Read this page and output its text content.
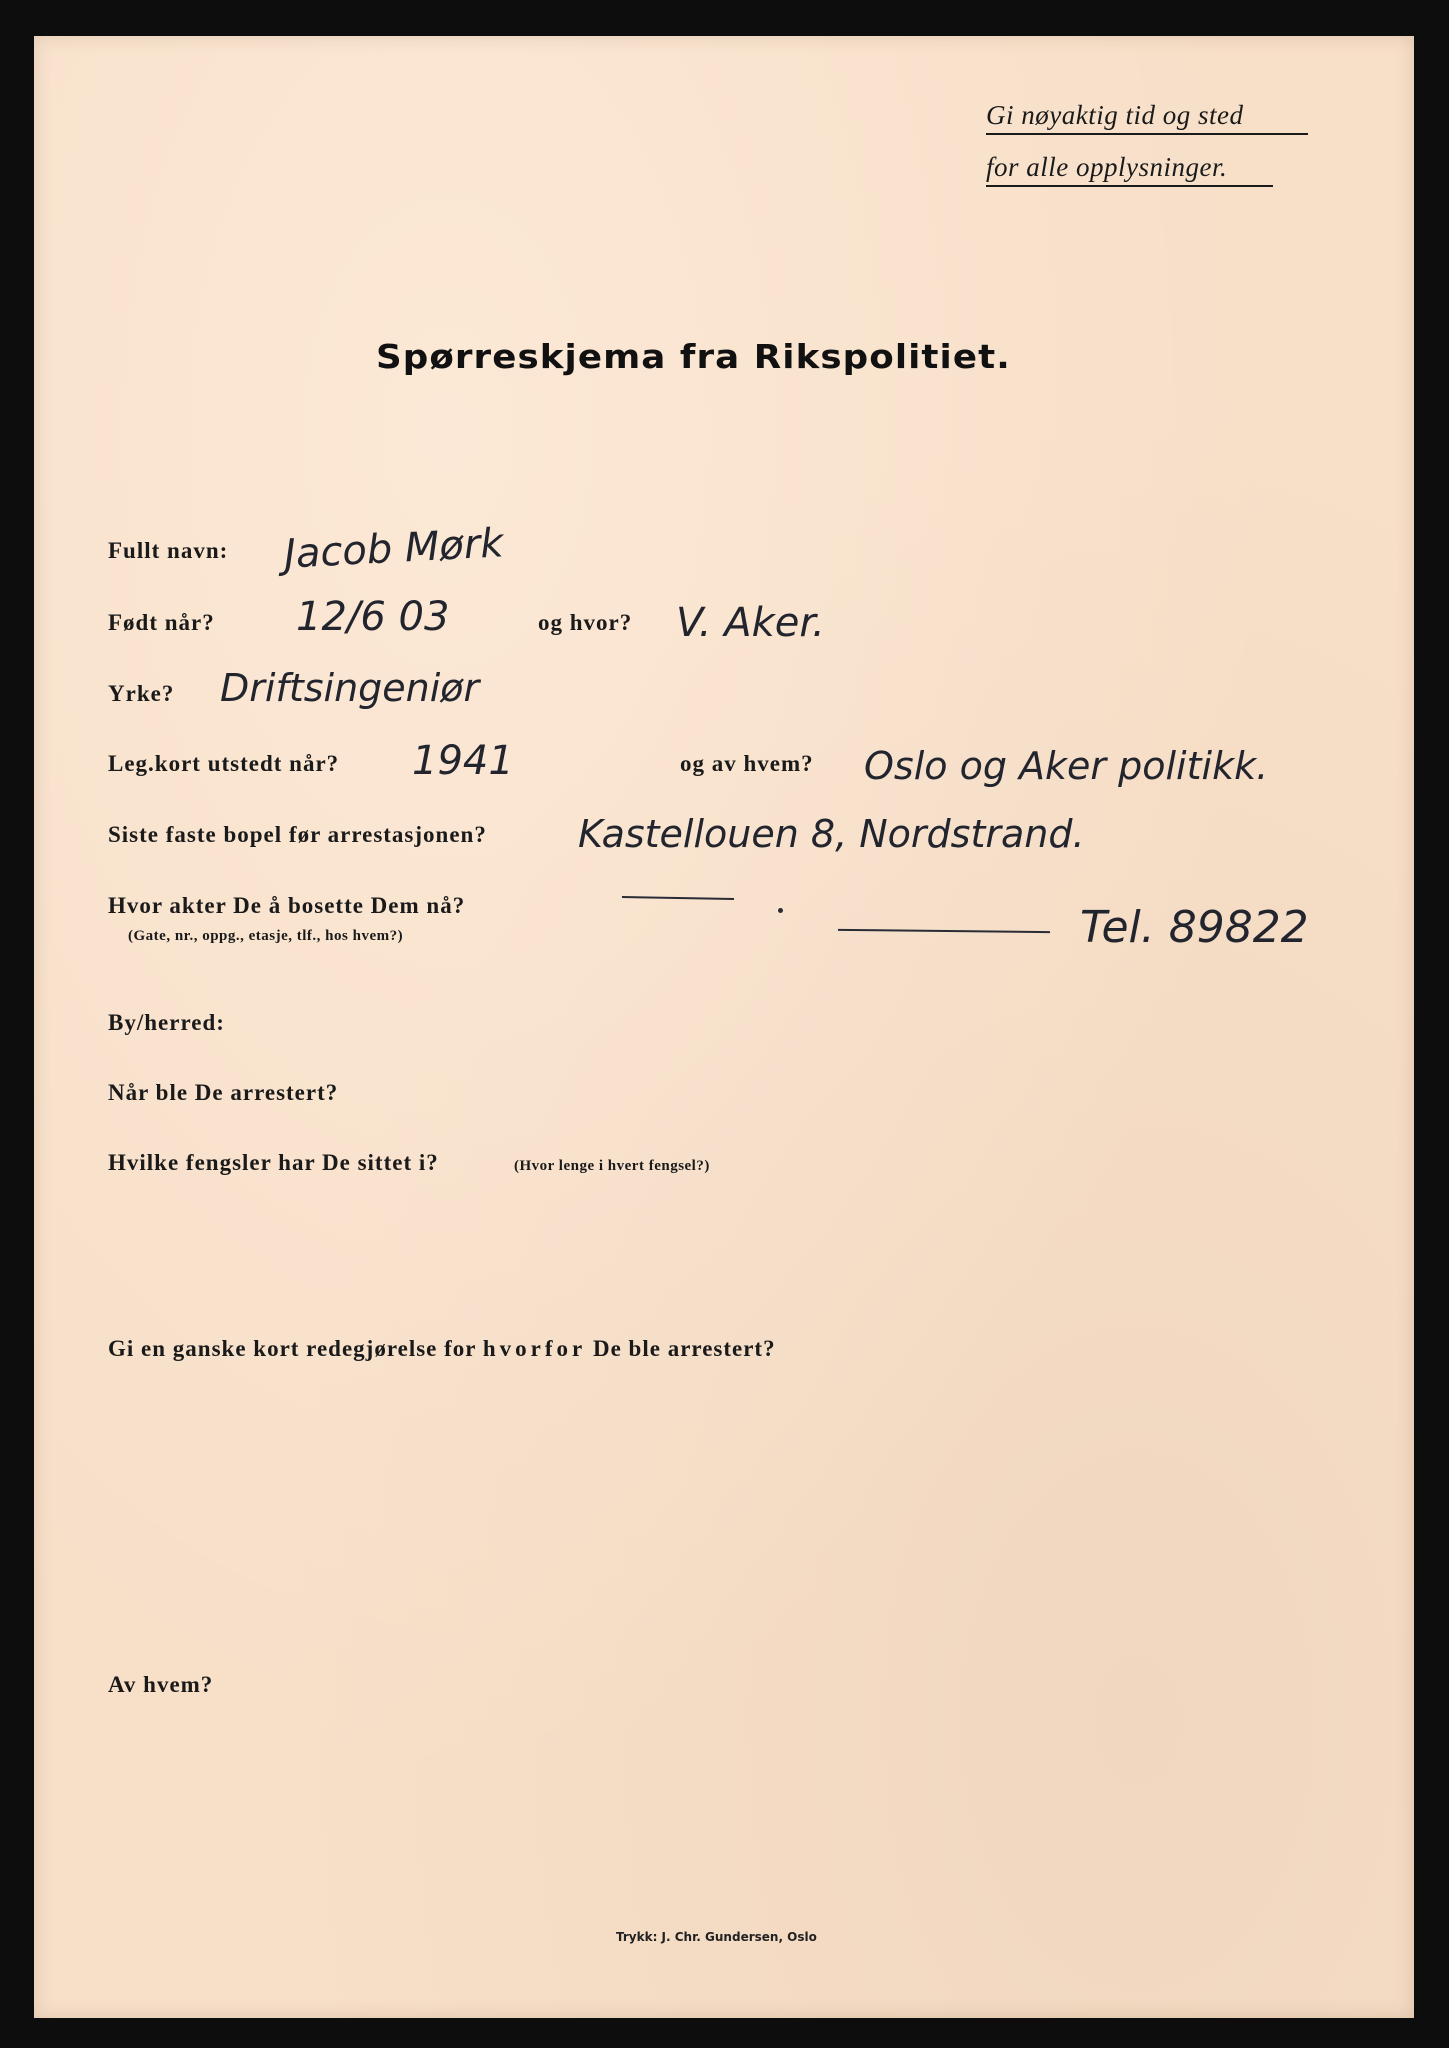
Gi nøyaktig tid og sted
for alle opplysninger.
Spørreskjema fra Rikspolitiet.
Fullt navn: Jacob Mørk
Født når? 12/6 03	og hvor? V. Aker.
Yrke? Driftsingeniør
Leg.kort utstedt når? 1941	og av hvem? Oslo og Aker politikk.
Siste faste bopel før arrestasjonen? Kastellouen 8, Nordstrand.
Hvor akter De å bosette Dem nå?
(Gate, nr., oppg., etasje, tlf., hos hvem?)	Tel. 89822
By/herred:
Når ble De arrestert?
Hvilke fengsler har De sittet i?	(Hvor lenge i hvert fengsel?)
Gi en ganske kort redegjørelse for hvorfor De ble arrestert?
Av hvem?
Trykk: J. Chr. Gundersen, Oslo
